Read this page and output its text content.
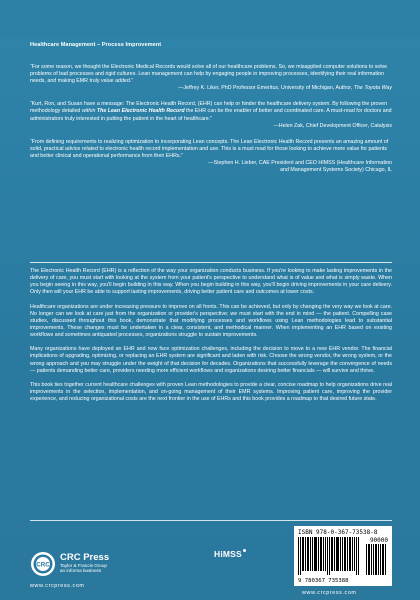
Healthcare Management – Process Improvement
“For some reason, we thought the Electronic Medical Records would solve all of our healthcare problems. So, we misapplied computer solutions to solve problems of bad processes and rigid cultures. Lean management can help by engaging people in improving processes, identifying their real information needs, and making EMR truly value added.”
—Jeffrey K. Liker, PhD Professor Emeritus, University of Michigan, Author, The Toyota Way
“Kurt, Ron, and Susan have a message: The Electronic Health Record, (EHR) can help or hinder the healthcare delivery system. By following the proven methodology detailed within The Lean Electronic Health Record the EHR can be the enabler of better and coordinated care. A must-read for doctors and administrators truly interested in putting the patient in the heart of healthcare.”
—Helen Zak, Chief Development Officer, Catalysis
“From defining requirements to realizing optimization to incorporating Lean concepts. The Lean Electronic Health Record presents an amazing amount of solid, practical advice related to electronic health record implementation and use. This is a must read for those looking to achieve more value for patients and better clinical and operational performance from their EHRs.”
—Stephen H. Lieber, CAE President and CEO HIMSS (Healthcare Information
and Management Systems Society) Chicago, IL

The Electronic Health Record (EHR) is a reflection of the way your organization conducts business. If you're looking to make lasting improvements in the delivery of care, you must start with looking at the system from your patient's perspective to understand what is of value and what is simply waste. When you begin seeing in this way, you'll begin building in this way. When you begin building in this way, you'll begin driving improvements in your care delivery. Only then will your EHR be able to support lasting improvements, driving better patient care and outcomes at lower costs.

Healthcare organizations are under increasing pressure to improve on all fronts. This can be achieved, but only by changing the very way we look at care. No longer can we look at care just from the organization or provider's perspective; we must start with the end in mind — the patient. Compelling case studies, discussed throughout this book, demonstrate that modifying processes and workflows using Lean methodologies lead to substantial improvements. These changes must be undertaken in a clear, consistent, and methodical manner. When implementing an EHR based on existing workflows and sometimes antiquated processes, organizations struggle to sustain improvements.

Many organizations have deployed an EHR and now face optimization challenges, including the decision to move to a new EHR vendor. The financial implications of upgrading, optimizing, or replacing an EHR system are significant and laden with risk. Choose the wrong vendor, the wrong system, or the wrong approach and you may struggle under the weight of that decision for decades. Organizations that successfully leverage the convergence of needs — patients demanding better care, providers needing more efficient workflows and organizations desiring better financials — will survive and thrive.

This book ties together current healthcare challenges with proven Lean methodologies to provide a clear, concise roadmap to help organizations drive real improvements in the selection, implementation, and on-going management of their EMR systems. Improving patient care, improving the provider experience, and reducing organizational costs are the next frontier in the use of EHRs and this book provides a roadmap to that desired future state.

CRC
CRC Press
Taylor & Francis Group
an informa business
www.crcpress.com
HiMSS
ISBN 978-0-367-73538-8
90000
9 780367 735388
www.crcpress.com
